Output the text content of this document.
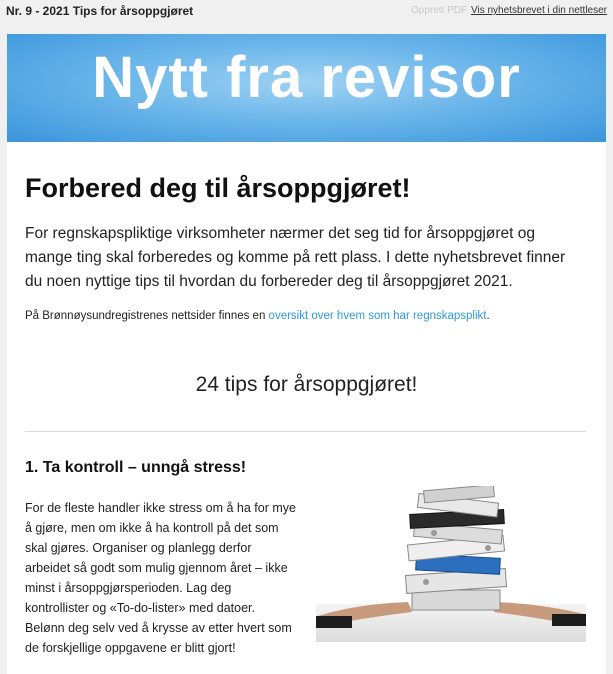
Nr. 9 - 2021 Tips for årsoppgjøret	Opprett PDF Vis nyhetsbrevet i din nettleser
Nytt fra revisor
Forbered deg til årsoppgjøret!

For regnskapspliktige virksomheter nærmer det seg tid for årsoppgjøret og mange ting skal forberedes og komme på rett plass. I dette nyhetsbrevet finner du noen nyttige tips til hvordan du forbereder deg til årsoppgjøret 2021.

På Brønnøysundregistrenes nettsider finnes en oversikt over hvem som har regnskapsplikt.
24 tips for årsoppgjøret!
1. Ta kontroll – unngå stress!

For de fleste handler ikke stress om å ha for mye å gjøre, men om ikke å ha kontroll på det som skal gjøres. Organiser og planlegg derfor arbeidet så godt som mulig gjennom året – ikke minst i årsoppgjørsperioden. Lag deg kontrollister og «To-do-lister» med datoer. Belønn deg selv ved å krysse av etter hvert som de forskjellige oppgavene er blitt gjort!
